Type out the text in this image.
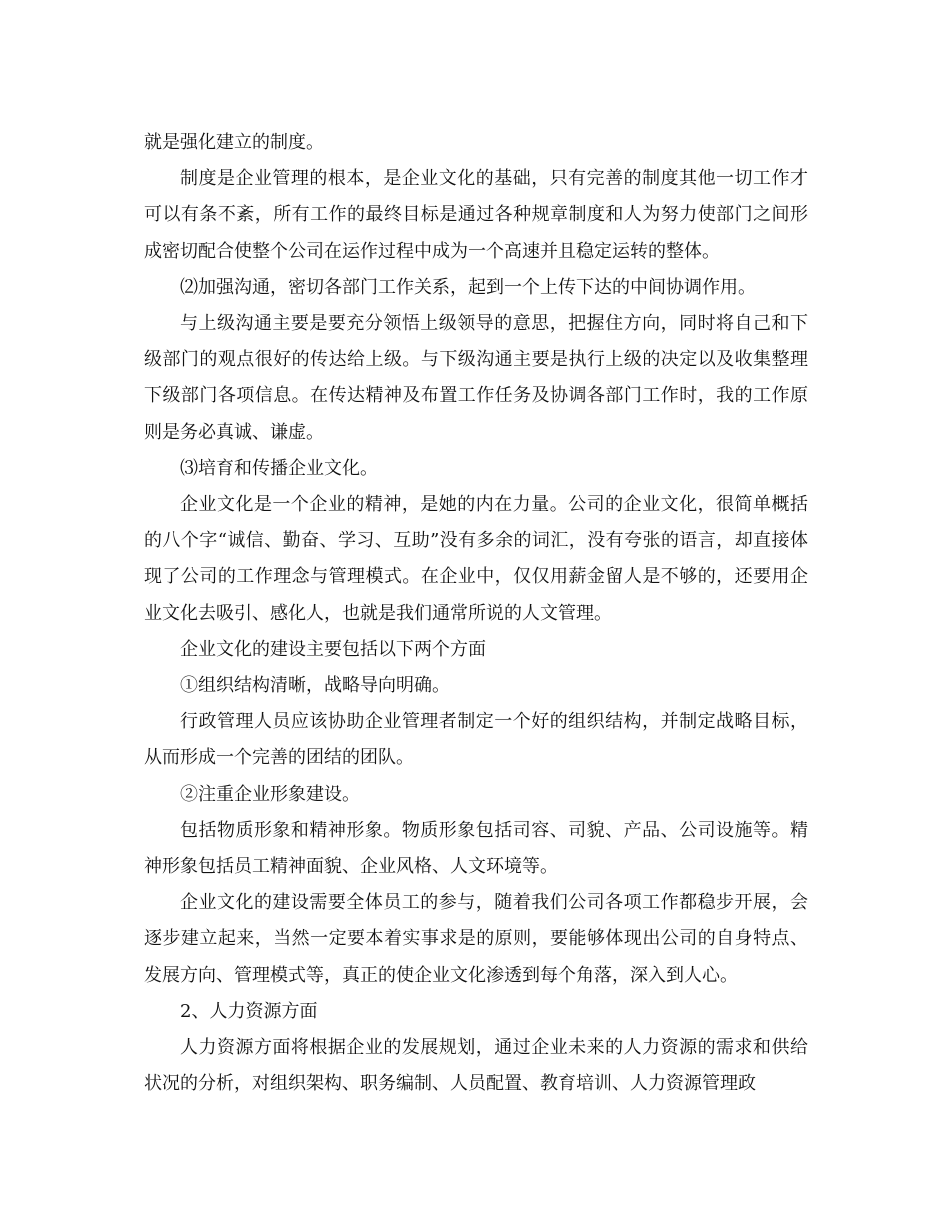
就是强化建立的制度。

制度是企业管理的根本，是企业文化的基础，只有完善的制度其他一切工作才可以有条不紊，所有工作的最终目标是通过各种规章制度和人为努力使部门之间形成密切配合使整个公司在运作过程中成为一个高速并且稳定运转的整体。

⑵加强沟通，密切各部门工作关系，起到一个上传下达的中间协调作用。

与上级沟通主要是要充分领悟上级领导的意思，把握住方向，同时将自己和下级部门的观点很好的传达给上级。与下级沟通主要是执行上级的决定以及收集整理下级部门各项信息。在传达精神及布置工作任务及协调各部门工作时，我的工作原则是务必真诚、谦虚。

⑶培育和传播企业文化。

企业文化是一个企业的精神，是她的内在力量。公司的企业文化，很简单概括的八个字“诚信、勤奋、学习、互助”没有多余的词汇，没有夸张的语言，却直接体现了公司的工作理念与管理模式。在企业中，仅仅用薪金留人是不够的，还要用企业文化去吸引、感化人，也就是我们通常所说的人文管理。

企业文化的建设主要包括以下两个方面

①组织结构清晰，战略导向明确。

行政管理人员应该协助企业管理者制定一个好的组织结构，并制定战略目标，从而形成一个完善的团结的团队。

②注重企业形象建设。

包括物质形象和精神形象。物质形象包括司容、司貌、产品、公司设施等。精神形象包括员工精神面貌、企业风格、人文环境等。

企业文化的建设需要全体员工的参与，随着我们公司各项工作都稳步开展，会逐步建立起来，当然一定要本着实事求是的原则，要能够体现出公司的自身特点、发展方向、管理模式等，真正的使企业文化渗透到每个角落，深入到人心。

2、人力资源方面

人力资源方面将根据企业的发展规划，通过企业未来的人力资源的需求和供给状况的分析，对组织架构、职务编制、人员配置、教育培训、人力资源管理政
